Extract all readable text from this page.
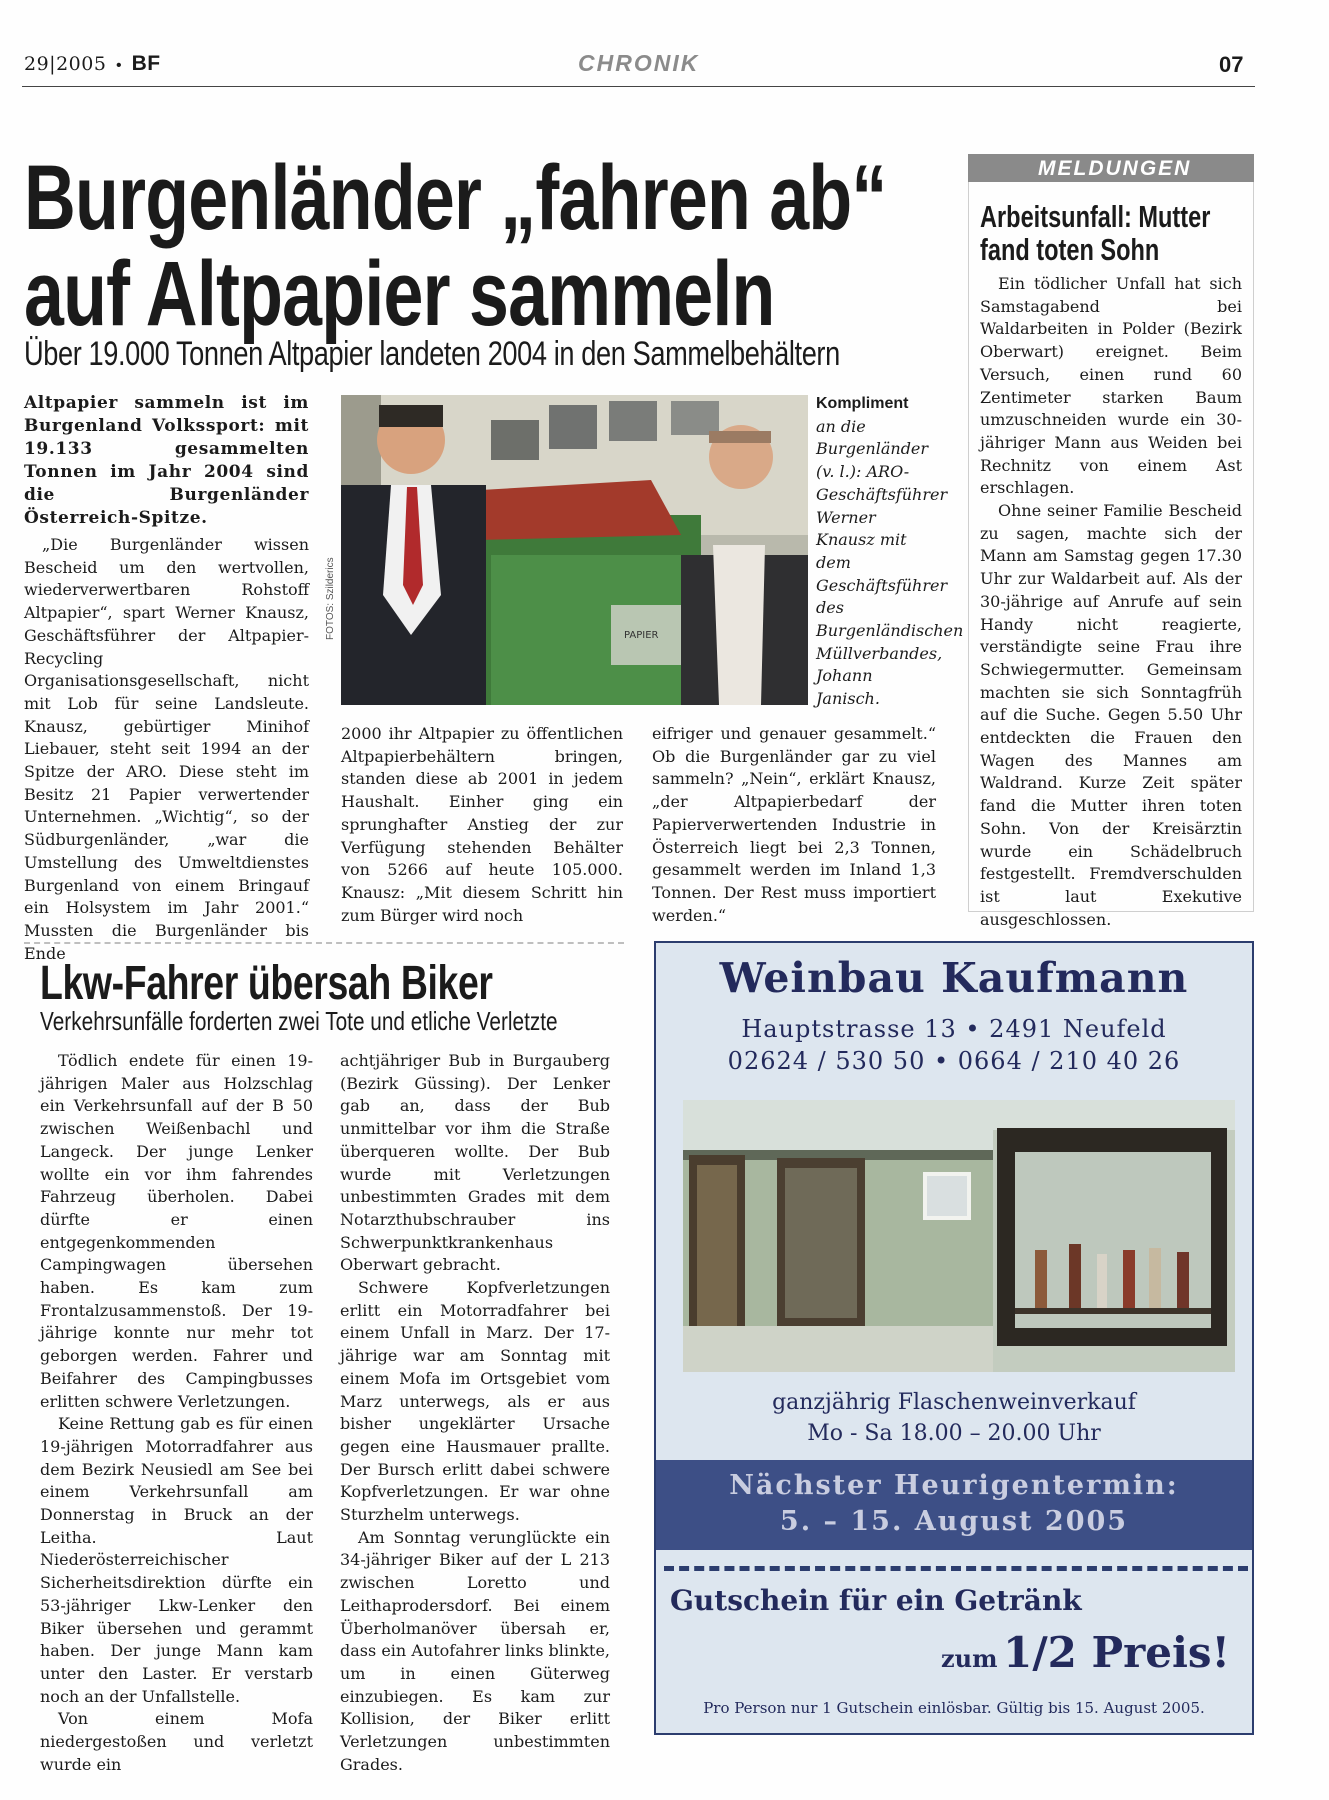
29|2005 • BF	CHRONIK	07
Burgenländer „fahren ab“
auf Altpapier sammeln
Über 19.000 Tonnen Altpapier landeten 2004 in den Sammelbehältern
Altpapier sammeln ist im Burgenland Volkssport: mit 19.133 gesammelten Tonnen im Jahr 2004 sind die Burgenländer Österreich-Spitze.

„Die Burgenländer wissen Bescheid um den wertvollen, wiederverwertbaren Rohstoff Altpapier“, spart Werner Knausz, Geschäftsführer der Altpapier-Recycling Organisationsgesellschaft, nicht mit Lob für seine Landsleute. Knausz, gebürtiger Minihof Liebauer, steht seit 1994 an der Spitze der ARO. Diese steht im Besitz 21 Papier verwertender Unternehmen. „Wichtig“, so der Südburgenländer, „war die Umstellung des Umweltdienstes Burgenland von einem Bringauf ein Holsystem im Jahr 2001.“ Mussten die Burgenländer bis Ende

PAPIER
FOTOS: Szilderics
Kompliment an die Burgenländer (v. l.): ARO-Geschäftsführer Werner Knausz mit dem Geschäftsführer des Burgenländischen Müllverbandes, Johann Janisch.

2000 ihr Altpapier zu öffentlichen Altpapierbehältern bringen, standen diese ab 2001 in jedem Haushalt. Einher ging ein sprunghafter Anstieg der zur Verfügung stehenden Behälter von 5266 auf heute 105.000. Knausz: „Mit diesem Schritt hin zum Bürger wird noch

eifriger und genauer gesammelt.“ Ob die Burgenländer gar zu viel sammeln? „Nein“, erklärt Knausz, „der Altpapierbedarf der Papierverwertenden Industrie in Österreich liegt bei 2,3 Tonnen, gesammelt werden im Inland 1,3 Tonnen. Der Rest muss importiert werden.“

MELDUNGEN
Arbeitsunfall: Mutter fand toten Sohn

Ein tödlicher Unfall hat sich Samstagabend bei Waldarbeiten in Polder (Bezirk Oberwart) ereignet. Beim Versuch, einen rund 60 Zentimeter starken Baum umzuschneiden wurde ein 30-jähriger Mann aus Weiden bei Rechnitz von einem Ast erschlagen.

Ohne seiner Familie Bescheid zu sagen, machte sich der Mann am Samstag gegen 17.30 Uhr zur Waldarbeit auf. Als der 30-jährige auf Anrufe auf sein Handy nicht reagierte, verständigte seine Frau ihre Schwiegermutter. Gemeinsam machten sie sich Sonntagfrüh auf die Suche. Gegen 5.50 Uhr entdeckten die Frauen den Wagen des Mannes am Waldrand. Kurze Zeit später fand die Mutter ihren toten Sohn. Von der Kreisärztin wurde ein Schädelbruch festgestellt. Fremdverschulden ist laut Exekutive ausgeschlossen.

Lkw-Fahrer übersah Biker
Verkehrsunfälle forderten zwei Tote und etliche Verletzte

Tödlich endete für einen 19-jährigen Maler aus Holzschlag ein Verkehrsunfall auf der B 50 zwischen Weißenbachl und Langeck. Der junge Lenker wollte ein vor ihm fahrendes Fahrzeug überholen. Dabei dürfte er einen entgegenkommenden Campingwagen übersehen haben. Es kam zum Frontalzusammenstoß. Der 19-jährige konnte nur mehr tot geborgen werden. Fahrer und Beifahrer des Campingbusses erlitten schwere Verletzungen.

Keine Rettung gab es für einen 19-jährigen Motorradfahrer aus dem Bezirk Neusiedl am See bei einem Verkehrsunfall am Donnerstag in Bruck an der Leitha. Laut Niederösterreichischer Sicherheitsdirektion dürfte ein 53-jähriger Lkw-Lenker den Biker übersehen und gerammt haben. Der junge Mann kam unter den Laster. Er verstarb noch an der Unfallstelle.

Von einem Mofa niedergestoßen und verletzt wurde ein

achtjähriger Bub in Burgauberg (Bezirk Güssing). Der Lenker gab an, dass der Bub unmittelbar vor ihm die Straße überqueren wollte. Der Bub wurde mit Verletzungen unbestimmten Grades mit dem Notarzthubschrauber ins Schwerpunktkrankenhaus Oberwart gebracht.

Schwere Kopfverletzungen erlitt ein Motorradfahrer bei einem Unfall in Marz. Der 17-jährige war am Sonntag mit einem Mofa im Ortsgebiet vom Marz unterwegs, als er aus bisher ungeklärter Ursache gegen eine Hausmauer prallte. Der Bursch erlitt dabei schwere Kopfverletzungen. Er war ohne Sturzhelm unterwegs.

Am Sonntag verunglückte ein 34-jähriger Biker auf der L 213 zwischen Loretto und Leithaprodersdorf. Bei einem Überholmanöver übersah er, dass ein Autofahrer links blinkte, um in einen Güterweg einzubiegen. Es kam zur Kollision, der Biker erlitt Verletzungen unbestimmten Grades.

Weinbau Kaufmann
Hauptstrasse 13 • 2491 Neufeld
02624 / 530 50 • 0664 / 210 40 26
ganzjährig Flaschenweinverkauf
Mo - Sa 18.00 – 20.00 Uhr
Nächster Heurigentermin:
5. – 15. August 2005
Gutschein für ein Getränk
zum 1/2 Preis!
Pro Person nur 1 Gutschein einlösbar. Gültig bis 15. August 2005.
